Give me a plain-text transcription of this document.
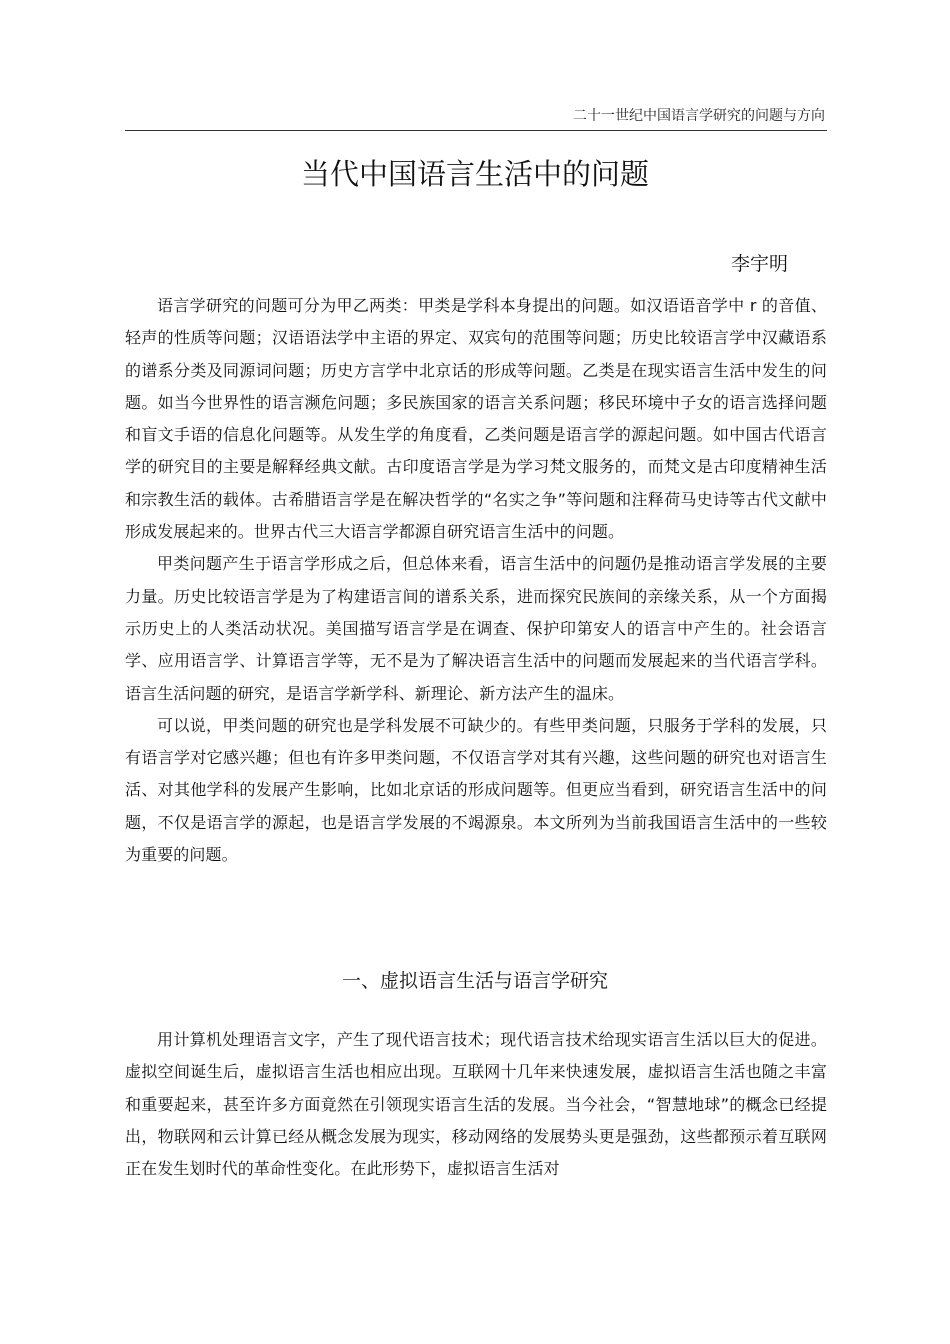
二十一世纪中国语言学研究的问题与方向
当代中国语言生活中的问题
李宇明

语言学研究的问题可分为甲乙两类：甲类是学科本身提出的问题。如汉语语音学中 r 的音值、轻声的性质等问题；汉语语法学中主语的界定、双宾句的范围等问题；历史比较语言学中汉藏语系的谱系分类及同源词问题；历史方言学中北京话的形成等问题。乙类是在现实语言生活中发生的问题。如当今世界性的语言濒危问题；多民族国家的语言关系问题；移民环境中子女的语言选择问题和盲文手语的信息化问题等。从发生学的角度看，乙类问题是语言学的源起问题。如中国古代语言学的研究目的主要是解释经典文献。古印度语言学是为学习梵文服务的，而梵文是古印度精神生活和宗教生活的载体。古希腊语言学是在解决哲学的“名实之争”等问题和注释荷马史诗等古代文献中形成发展起来的。世界古代三大语言学都源自研究语言生活中的问题。

甲类问题产生于语言学形成之后，但总体来看，语言生活中的问题仍是推动语言学发展的主要力量。历史比较语言学是为了构建语言间的谱系关系，进而探究民族间的亲缘关系，从一个方面揭示历史上的人类活动状况。美国描写语言学是在调查、保护印第安人的语言中产生的。社会语言学、应用语言学、计算语言学等，无不是为了解决语言生活中的问题而发展起来的当代语言学科。语言生活问题的研究，是语言学新学科、新理论、新方法产生的温床。

可以说，甲类问题的研究也是学科发展不可缺少的。有些甲类问题，只服务于学科的发展，只有语言学对它感兴趣；但也有许多甲类问题，不仅语言学对其有兴趣，这些问题的研究也对语言生活、对其他学科的发展产生影响，比如北京话的形成问题等。但更应当看到，研究语言生活中的问题，不仅是语言学的源起，也是语言学发展的不竭源泉。本文所列为当前我国语言生活中的一些较为重要的问题。

一、虚拟语言生活与语言学研究

用计算机处理语言文字，产生了现代语言技术；现代语言技术给现实语言生活以巨大的促进。虚拟空间诞生后，虚拟语言生活也相应出现。互联网十几年来快速发展，虚拟语言生活也随之丰富和重要起来，甚至许多方面竟然在引领现实语言生活的发展。当今社会，“智慧地球”的概念已经提出，物联网和云计算已经从概念发展为现实，移动网络的发展势头更是强劲，这些都预示着互联网正在发生划时代的革命性变化。在此形势下，虚拟语言生活对
